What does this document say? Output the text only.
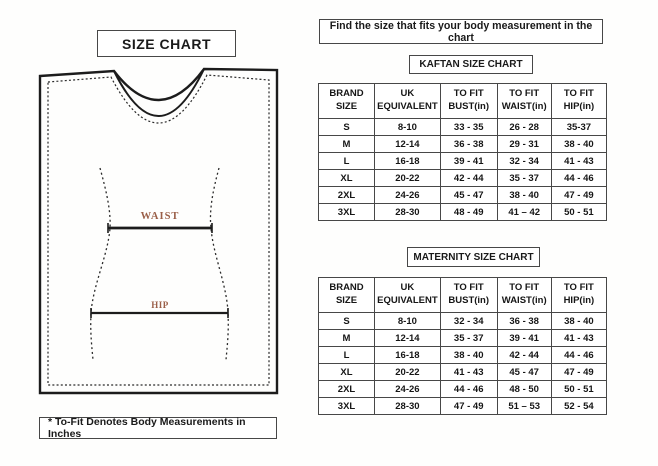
SIZE CHART
WAIST
HIP
* To-Fit Denotes Body Measurements in Inches
Find the size that fits your body measurement in the chart
KAFTAN SIZE CHART
BRAND SIZE	UK EQUIVALENT	TO FIT BUST(in)	TO FIT WAIST(in)	TO FIT HIP(in)
S	8-10	33 - 35	26 - 28	35-37
M	12-14	36 - 38	29 - 31	38 - 40
L	16-18	39 - 41	32 - 34	41 - 43
XL	20-22	42 - 44	35 - 37	44 - 46
2XL	24-26	45 - 47	38 - 40	47 - 49
3XL	28-30	48 - 49	41 – 42	50 - 51
MATERNITY SIZE CHART
BRAND SIZE	UK EQUIVALENT	TO FIT BUST(in)	TO FIT WAIST(in)	TO FIT HIP(in)
S	8-10	32 - 34	36 - 38	38 - 40
M	12-14	35 - 37	39 - 41	41 - 43
L	16-18	38 - 40	42 - 44	44 - 46
XL	20-22	41 - 43	45 - 47	47 - 49
2XL	24-26	44 - 46	48 - 50	50 - 51
3XL	28-30	47 - 49	51 – 53	52 - 54
